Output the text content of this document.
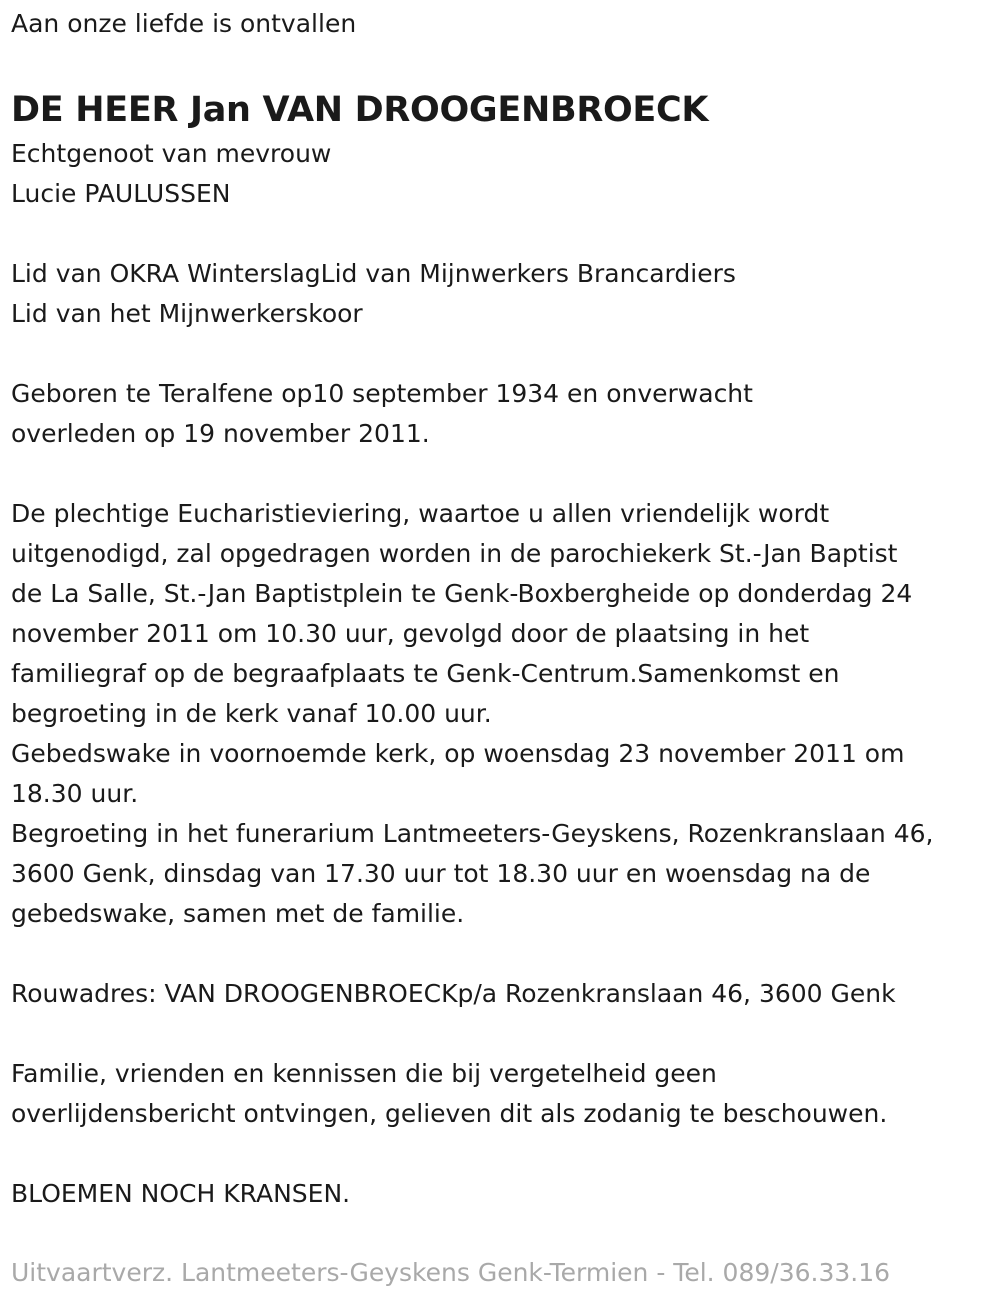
Aan onze liefde is ontvallen

DE HEER Jan VAN DROOGENBROECK

Echtgenoot van mevrouw

Lucie PAULUSSEN

Lid van OKRA WinterslagLid van Mijnwerkers Brancardiers

Lid van het Mijnwerkerskoor

Geboren te Teralfene op10 september 1934 en onverwacht

overleden op 19 november 2011.

De plechtige Eucharistieviering, waartoe u allen vriendelijk wordt

uitgenodigd, zal opgedragen worden in de parochiekerk St.-Jan Baptist

de La Salle, St.-Jan Baptistplein te Genk-Boxbergheide op donderdag 24

november 2011 om 10.30 uur, gevolgd door de plaatsing in het

familiegraf op de begraafplaats te Genk-Centrum.Samenkomst en

begroeting in de kerk vanaf 10.00 uur.

Gebedswake in voornoemde kerk, op woensdag 23 november 2011 om

18.30 uur.

Begroeting in het funerarium Lantmeeters-Geyskens, Rozenkranslaan 46,

3600 Genk, dinsdag van 17.30 uur tot 18.30 uur en woensdag na de

gebedswake, samen met de familie.

Rouwadres: VAN DROOGENBROECKp/a Rozenkranslaan 46, 3600 Genk

Familie, vrienden en kennissen die bij vergetelheid geen

overlijdensbericht ontvingen, gelieven dit als zodanig te beschouwen.

BLOEMEN NOCH KRANSEN.

Uitvaartverz. Lantmeeters-Geyskens Genk-Termien - Tel. 089/36.33.16
